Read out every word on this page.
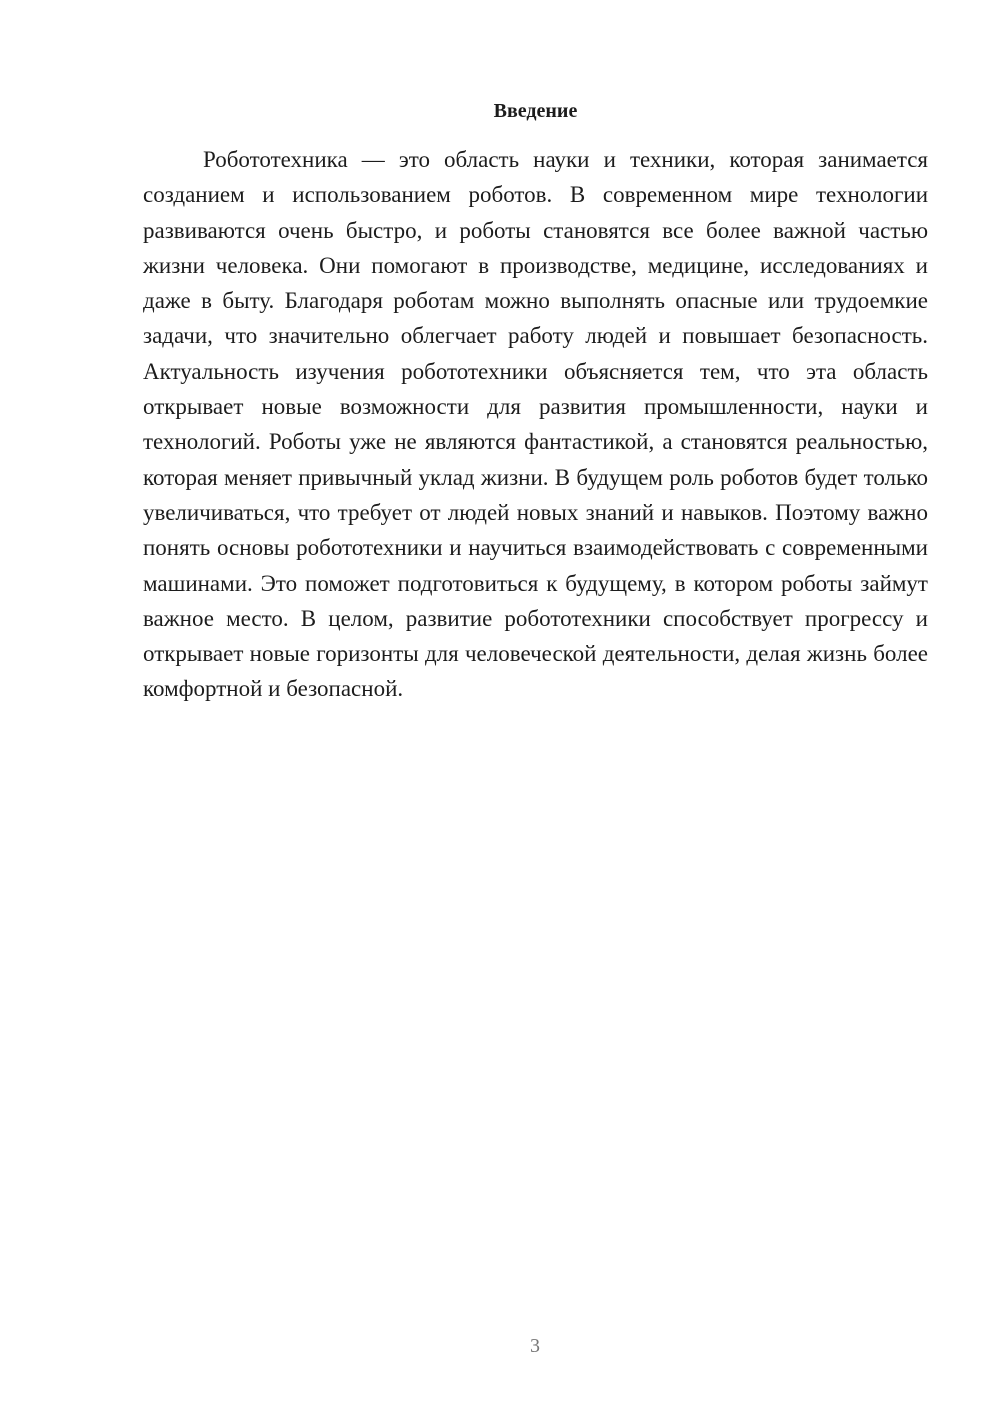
Введение

Робототехника — это область науки и техники, которая занимается созданием и использованием роботов. В современном мире технологии развиваются очень быстро, и роботы становятся все более важной частью жизни человека. Они помогают в производстве, медицине, исследованиях и даже в быту. Благодаря роботам можно выполнять опасные или трудоемкие задачи, что значительно облегчает работу людей и повышает безопасность. Актуальность изучения робототехники объясняется тем, что эта область открывает новые возможности для развития промышленности, науки и технологий. Роботы уже не являются фантастикой, а становятся реальностью, которая меняет привычный уклад жизни. В будущем роль роботов будет только увеличиваться, что требует от людей новых знаний и навыков. Поэтому важно понять основы робототехники и научиться взаимодействовать с современными машинами. Это поможет подготовиться к будущему, в котором роботы займут важное место. В целом, развитие робототехники способствует прогрессу и открывает новые горизонты для человеческой деятельности, делая жизнь более комфортной и безопасной.

3
